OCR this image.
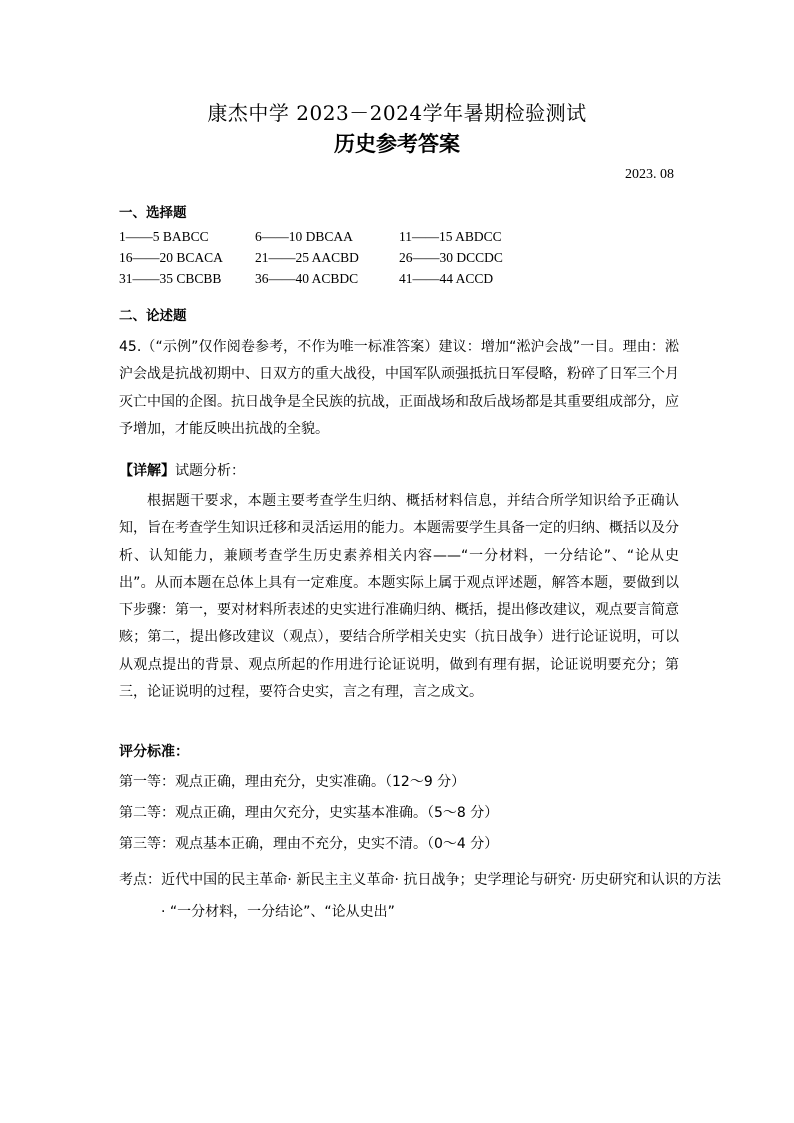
康杰中学 2023－2024学年暑期检验测试
历史参考答案
2023. 08
一、选择题
1——5 BABCC	6——10 DBCAA	11——15 ABDCC
16——20 BCACA 21——25 AACBD	26——30 DCCDC
31——35 CBCBB 36——40 ACBDC	41——44 ACCD
二、论述题
45.（“示例”仅作阅卷参考，不作为唯一标准答案）建议：增加“淞沪会战”一目。理由：淞沪会战是抗战初期中、日双方的重大战役，中国军队顽强抵抗日军侵略，粉碎了日军三个月灭亡中国的企图。抗日战争是全民族的抗战，正面战场和敌后战场都是其重要组成部分，应予增加，才能反映出抗战的全貌。
【详解】试题分析：
根据题干要求，本题主要考查学生归纳、概括材料信息，并结合所学知识给予正确认知，旨在考查学生知识迁移和灵活运用的能力。本题需要学生具备一定的归纳、概括以及分析、认知能力，兼顾考查学生历史素养相关内容——“一分材料，一分结论”、“论从史出”。从而本题在总体上具有一定难度。本题实际上属于观点评述题，解答本题，要做到以下步骤：第一，要对材料所表述的史实进行准确归纳、概括，提出修改建议，观点要言简意赅；第二，提出修改建议（观点），要结合所学相关史实（抗日战争）进行论证说明，可以从观点提出的背景、观点所起的作用进行论证说明，做到有理有据，论证说明要充分；第三，论证说明的过程，要符合史实，言之有理，言之成文。
评分标准：
第一等：观点正确，理由充分，史实准确。（12～9 分）
第二等：观点正确，理由欠充分，史实基本准确。（5～8 分）
第三等：观点基本正确，理由不充分，史实不清。（0～4 分）
考点：近代中国的民主革命· 新民主主义革命· 抗日战争；史学理论与研究· 历史研究和认识的方法· “一分材料，一分结论”、“论从史出”
